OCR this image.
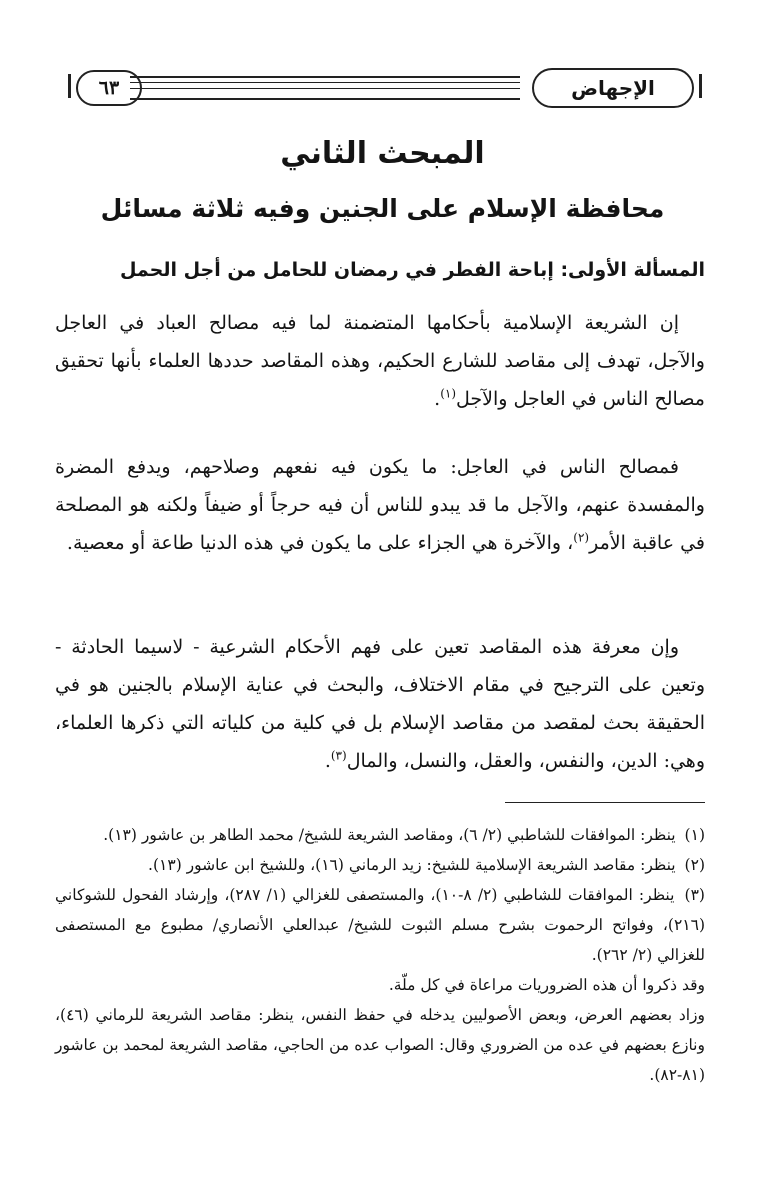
٦٣	الإجهاض
المبحث الثاني
محافظة الإسلام على الجنين وفيه ثلاثة مسائل
المسألة الأولى: إباحة الفطر في رمضان للحامل من أجل الحمل

إن الشريعة الإسلامية بأحكامها المتضمنة لما فيه مصالح العباد في العاجل والآجل، تهدف إلى مقاصد للشارع الحكيم، وهذه المقاصد حددها العلماء بأنها تحقيق مصالح الناس في العاجل والآجل$^{(١)}$.

فمصالح الناس في العاجل: ما يكون فيه نفعهم وصلاحهم، ويدفع المضرة والمفسدة عنهم، والآجل ما قد يبدو للناس أن فيه حرجاً أو ضيفاً ولكنه هو المصلحة في عاقبة الأمر$^{(٢)}$، والآخرة هي الجزاء على ما يكون في هذه الدنيا طاعة أو معصية.

وإن معرفة هذه المقاصد تعين على فهم الأحكام الشرعية - لاسيما الحادثة - وتعين على الترجيح في مقام الاختلاف، والبحث في عناية الإسلام بالجنين هو في الحقيقة بحث لمقصد من مقاصد الإسلام بل في كلية من كلياته التي ذكرها العلماء، وهي: الدين، والنفس، والعقل، والنسل، والمال$^{(٣)}$.

(١) ينظر: الموافقات للشاطبي (٢/ ٦)، ومقاصد الشريعة للشيخ/ محمد الطاهر بن عاشور (١٣).
(٢) ينظر: مقاصد الشريعة الإسلامية للشيخ: زيد الرماني (١٦)، وللشيخ ابن عاشور (١٣).
(٣) ينظر: الموافقات للشاطبي (٢/ ٨-١٠)، والمستصفى للغزالي (١/ ٢٨٧)، وإرشاد الفحول للشوكاني (٢١٦)، وفواتح الرحموت بشرح مسلم الثبوت للشيخ/ عبدالعلي الأنصاري/ مطبوع مع المستصفى للغزالي (٢/ ٢٦٢).
وقد ذكروا أن هذه الضروريات مراعاة في كل ملّة.
وزاد بعضهم العرض، وبعض الأصوليين يدخله في حفظ النفس، ينظر: مقاصد الشريعة للرماني (٤٦)، ونازع بعضهم في عده من الضروري وقال: الصواب عده من الحاجي، مقاصد الشريعة لمحمد بن عاشور (٨١-٨٢).
